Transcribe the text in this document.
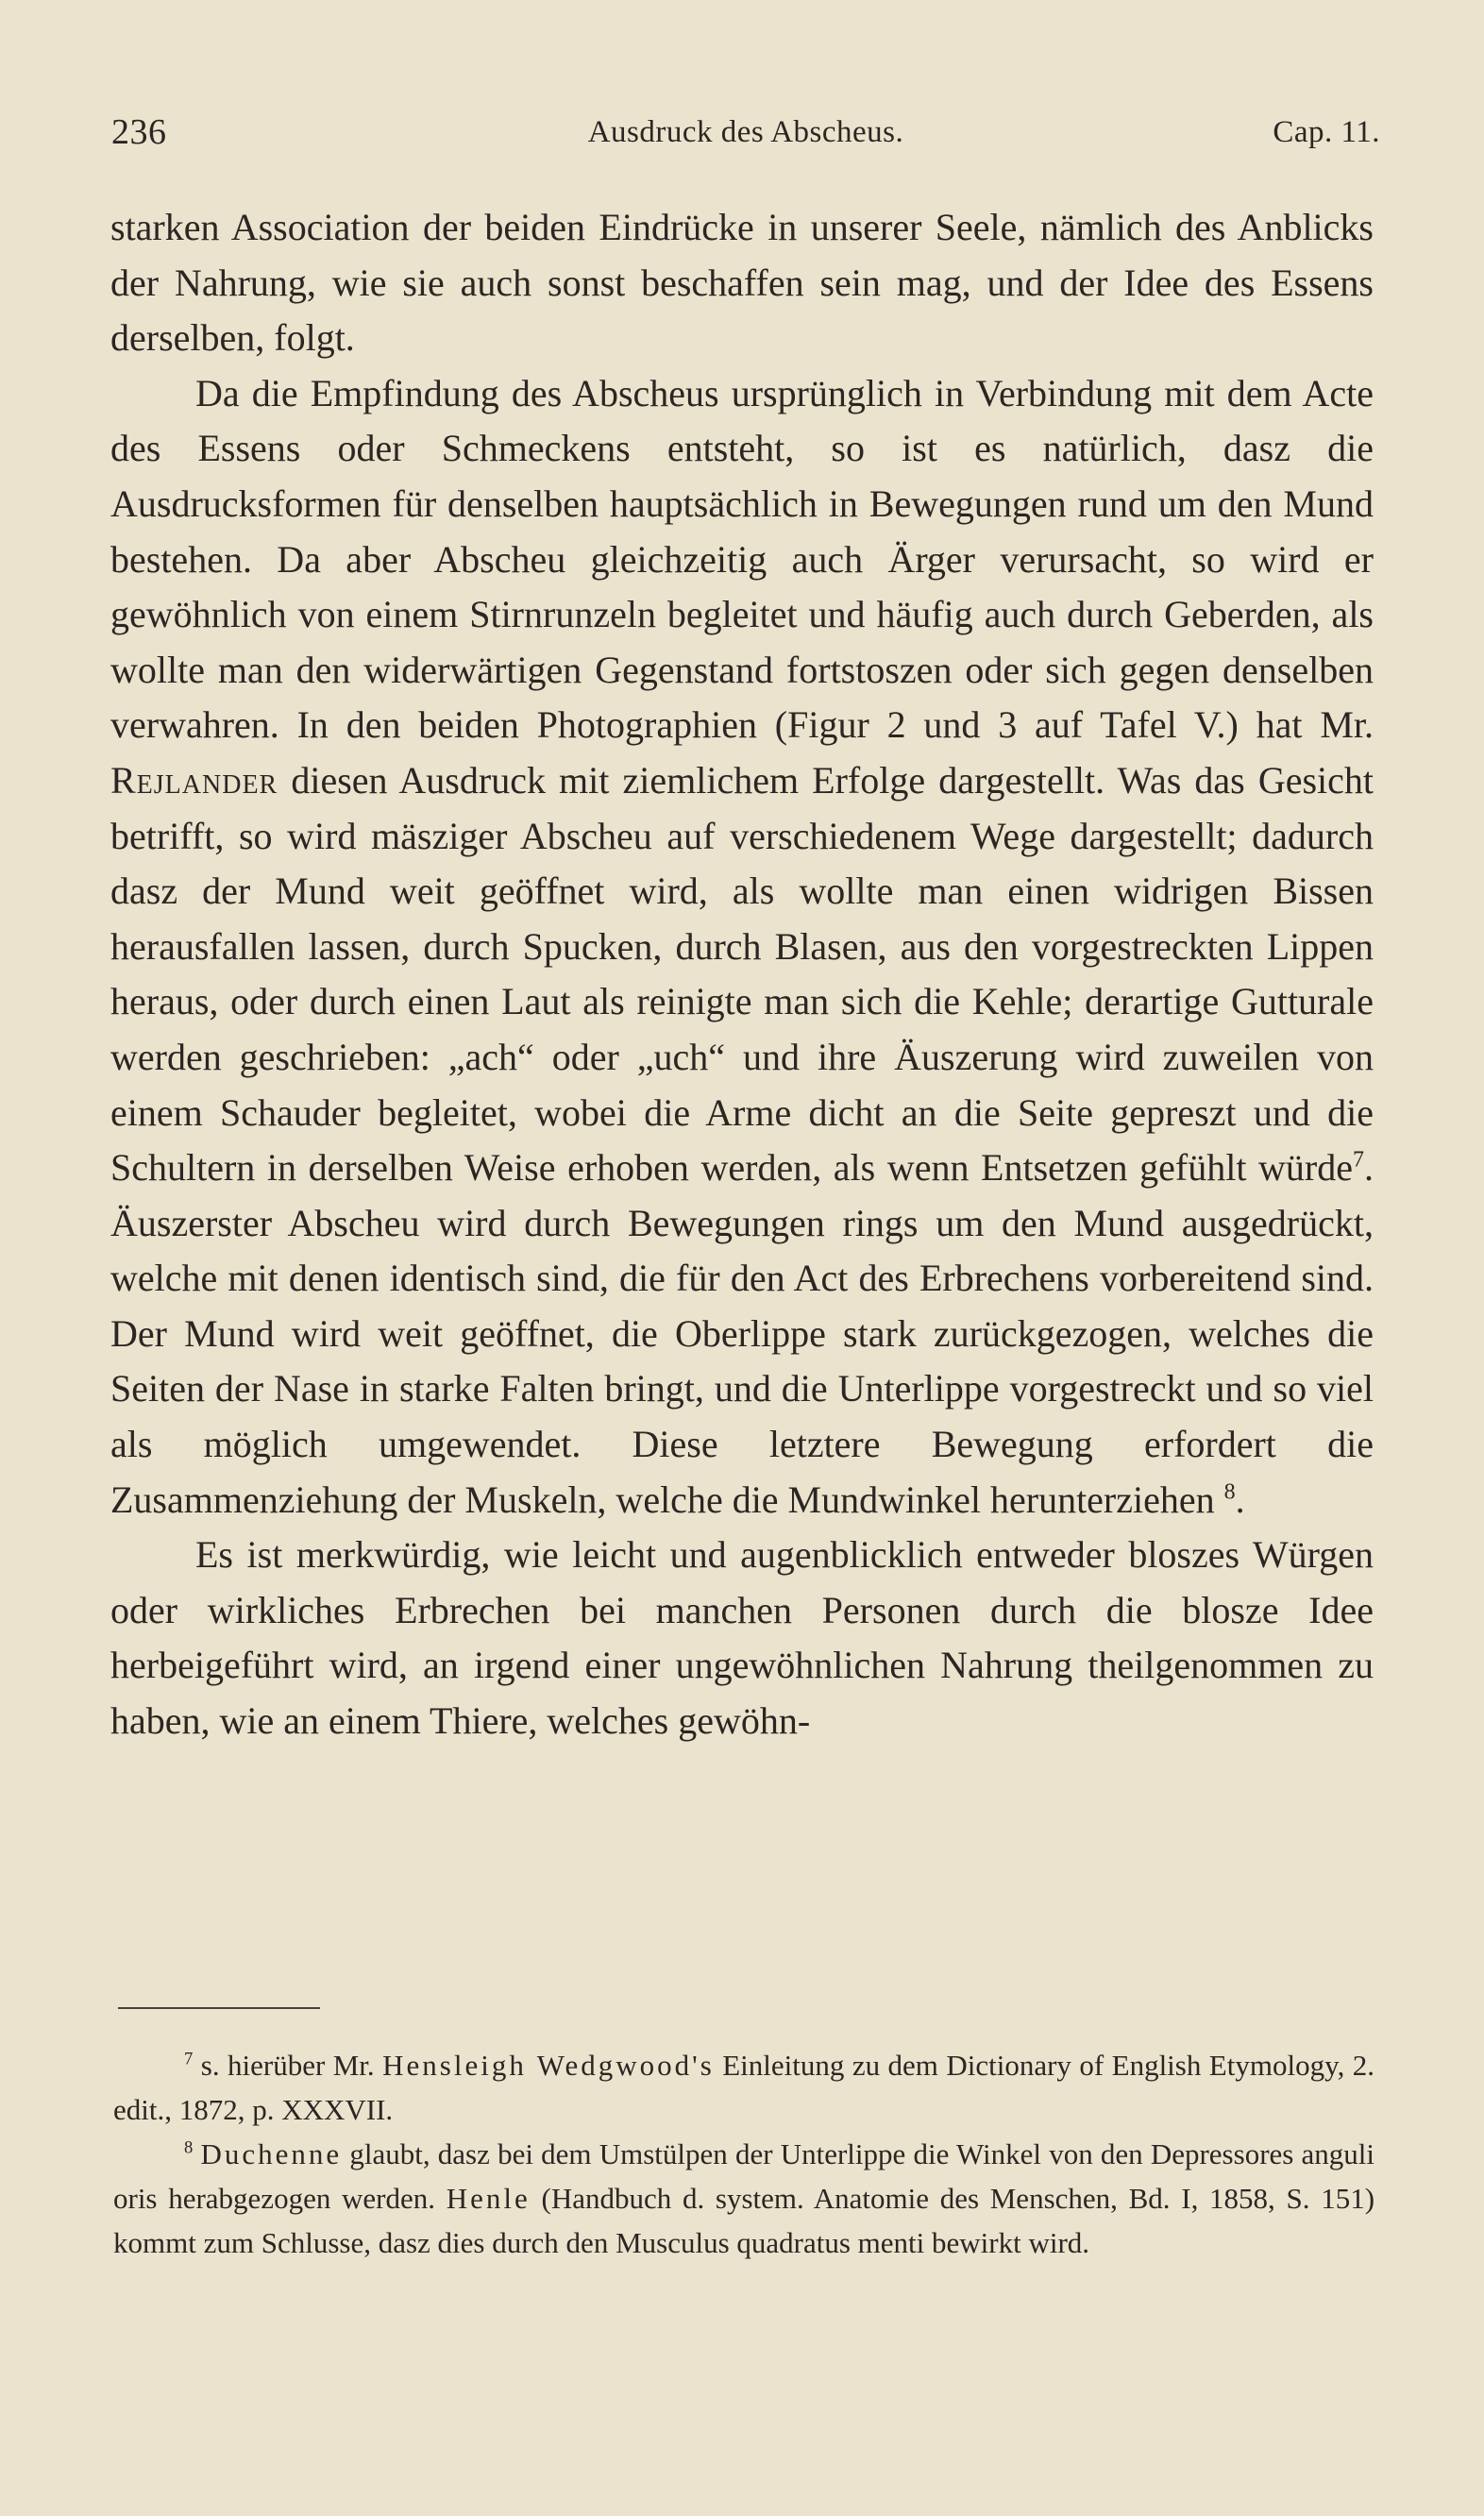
236	Ausdruck des Abscheus.	Cap. 11.

starken Association der beiden Eindrücke in unserer Seele, nämlich des Anblicks der Nahrung, wie sie auch sonst beschaffen sein mag, und der Idee des Essens derselben, folgt.

Da die Empfindung des Abscheus ursprünglich in Verbindung mit dem Acte des Essens oder Schmeckens entsteht, so ist es natürlich, dasz die Ausdrucksformen für denselben hauptsächlich in Bewegungen rund um den Mund bestehen. Da aber Abscheu gleichzeitig auch Ärger verursacht, so wird er gewöhnlich von einem Stirnrunzeln begleitet und häufig auch durch Geberden, als wollte man den widerwärtigen Gegenstand fortstoszen oder sich gegen denselben verwahren. In den beiden Photographien (Figur 2 und 3 auf Tafel V.) hat Mr. Rejlander diesen Ausdruck mit ziemlichem Erfolge dargestellt. Was das Gesicht betrifft, so wird mäsziger Abscheu auf verschiedenem Wege dargestellt; dadurch dasz der Mund weit geöffnet wird, als wollte man einen widrigen Bissen herausfallen lassen, durch Spucken, durch Blasen, aus den vorgestreckten Lippen heraus, oder durch einen Laut als reinigte man sich die Kehle; derartige Gutturale werden geschrieben: „ach“ oder „uch“ und ihre Äuszerung wird zuweilen von einem Schauder begleitet, wobei die Arme dicht an die Seite gepreszt und die Schultern in derselben Weise erhoben werden, als wenn Entsetzen gefühlt würde$^7$. Äuszerster Abscheu wird durch Bewegungen rings um den Mund ausgedrückt, welche mit denen identisch sind, die für den Act des Erbrechens vorbereitend sind. Der Mund wird weit geöffnet, die Oberlippe stark zurückgezogen, welches die Seiten der Nase in starke Falten bringt, und die Unterlippe vorgestreckt und so viel als möglich umgewendet. Diese letztere Bewegung erfordert die Zusammenziehung der Muskeln, welche die Mundwinkel herunterziehen $^8$.

Es ist merkwürdig, wie leicht und augenblicklich entweder bloszes Würgen oder wirkliches Erbrechen bei manchen Personen durch die blosze Idee herbeigeführt wird, an irgend einer ungewöhnlichen Nahrung theilgenommen zu haben, wie an einem Thiere, welches gewöhn-

$^7$ s. hierüber Mr. Hensleigh Wedgwood's Einleitung zu dem Dictionary of English Etymology, 2. edit., 1872, p. XXXVII.

$^8$ Duchenne glaubt, dasz bei dem Umstülpen der Unterlippe die Winkel von den Depressores anguli oris herabgezogen werden. Henle (Handbuch d. system. Anatomie des Menschen, Bd. I, 1858, S. 151) kommt zum Schlusse, dasz dies durch den Musculus quadratus menti bewirkt wird.
